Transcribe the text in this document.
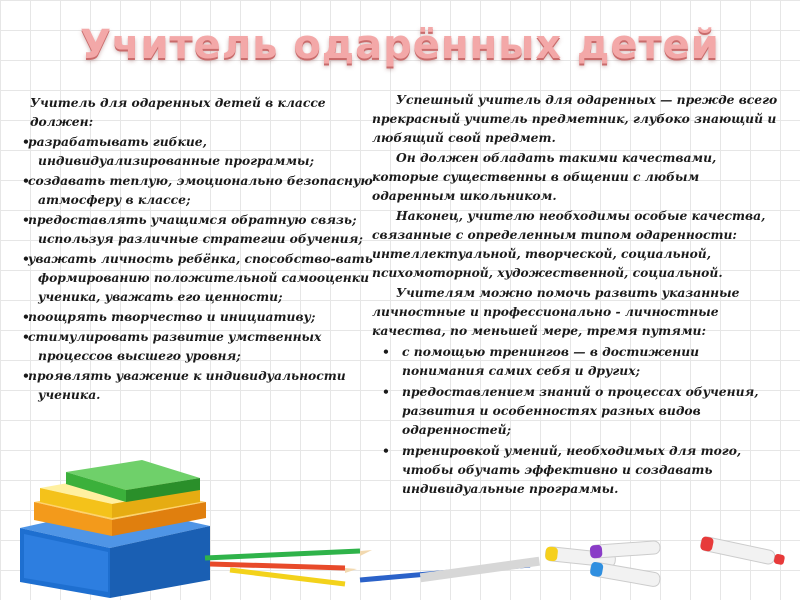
Учитель одарённых детей
Учитель для одаренных детей в классе должен:
• разрабатывать гибкие,
индивидуализированные программы;
• создавать теплую, эмоционально безопасную
атмосферу в классе;
• предоставлять учащимся обратную связь;
используя различные стратегии обучения;
• уважать личность ребёнка, способство-вать
формированию положительной самооценки
ученика, уважать его ценности;
• поощрять творчество и инициативу;
• стимулировать развитие умственных
процессов высшего уровня;
• проявлять уважение к индивидуальности
ученика.

Успешный учитель для одаренных — прежде всего прекрасный учитель предметник, глубоко знающий и любящий свой предмет.

Он должен обладать такими качествами, которые существенны в общении с любым одаренным школьником.

Наконец, учителю необходимы особые качества, связанные с определенным типом одаренности: интеллектуальной, творческой, социальной, психомоторной, художественной, социальной.

Учителям можно помочь развить указанные личностные и профессионально - личностные качества, по меньшей мере, тремя путями:

• с помощью тренингов — в достижении понимания самих себя и других;
• предоставлением знаний о процессах обучения, развития и особенностях разных видов одаренностей;
• тренировкой умений, необходимых для того, чтобы обучать эффективно и создавать индивидуальные программы.
